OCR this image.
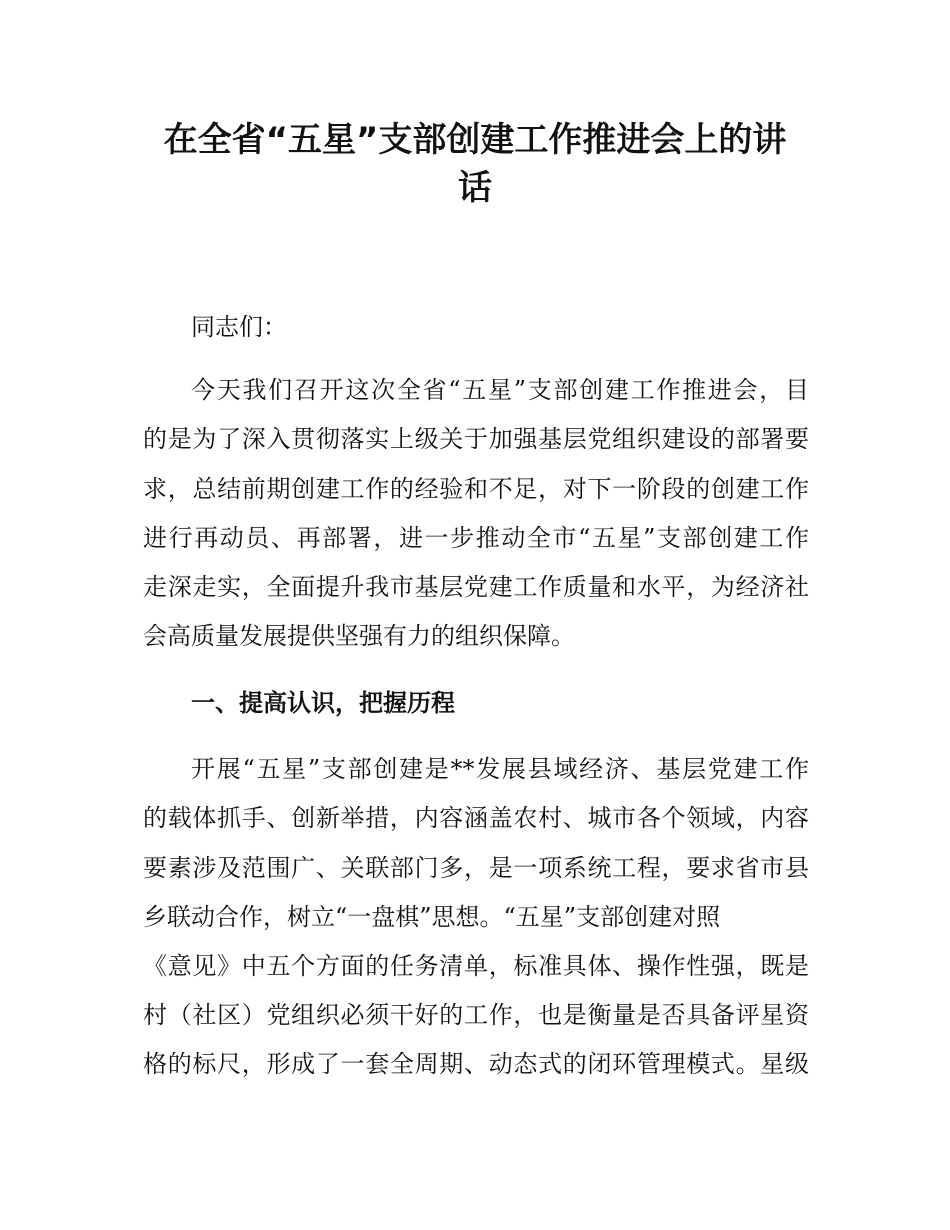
在全省“五星”支部创建工作推进会上的讲
话
同志们：
今天我们召开这次全省“五星”支部创建工作推进会，目
的是为了深入贯彻落实上级关于加强基层党组织建设的部署要
求，总结前期创建工作的经验和不足，对下一阶段的创建工作
进行再动员、再部署，进一步推动全市“五星”支部创建工作
走深走实，全面提升我市基层党建工作质量和水平，为经济社
会高质量发展提供坚强有力的组织保障。
一、提高认识，把握历程
开展“五星”支部创建是**发展县域经济、基层党建工作
的载体抓手、创新举措，内容涵盖农村、城市各个领域，内容
要素涉及范围广、关联部门多，是一项系统工程，要求省市县
乡联动合作，树立“一盘棋”思想。“五星”支部创建对照
《意见》中五个方面的任务清单，标准具体、操作性强，既是
村（社区）党组织必须干好的工作，也是衡量是否具备评星资
格的标尺，形成了一套全周期、动态式的闭环管理模式。星级
